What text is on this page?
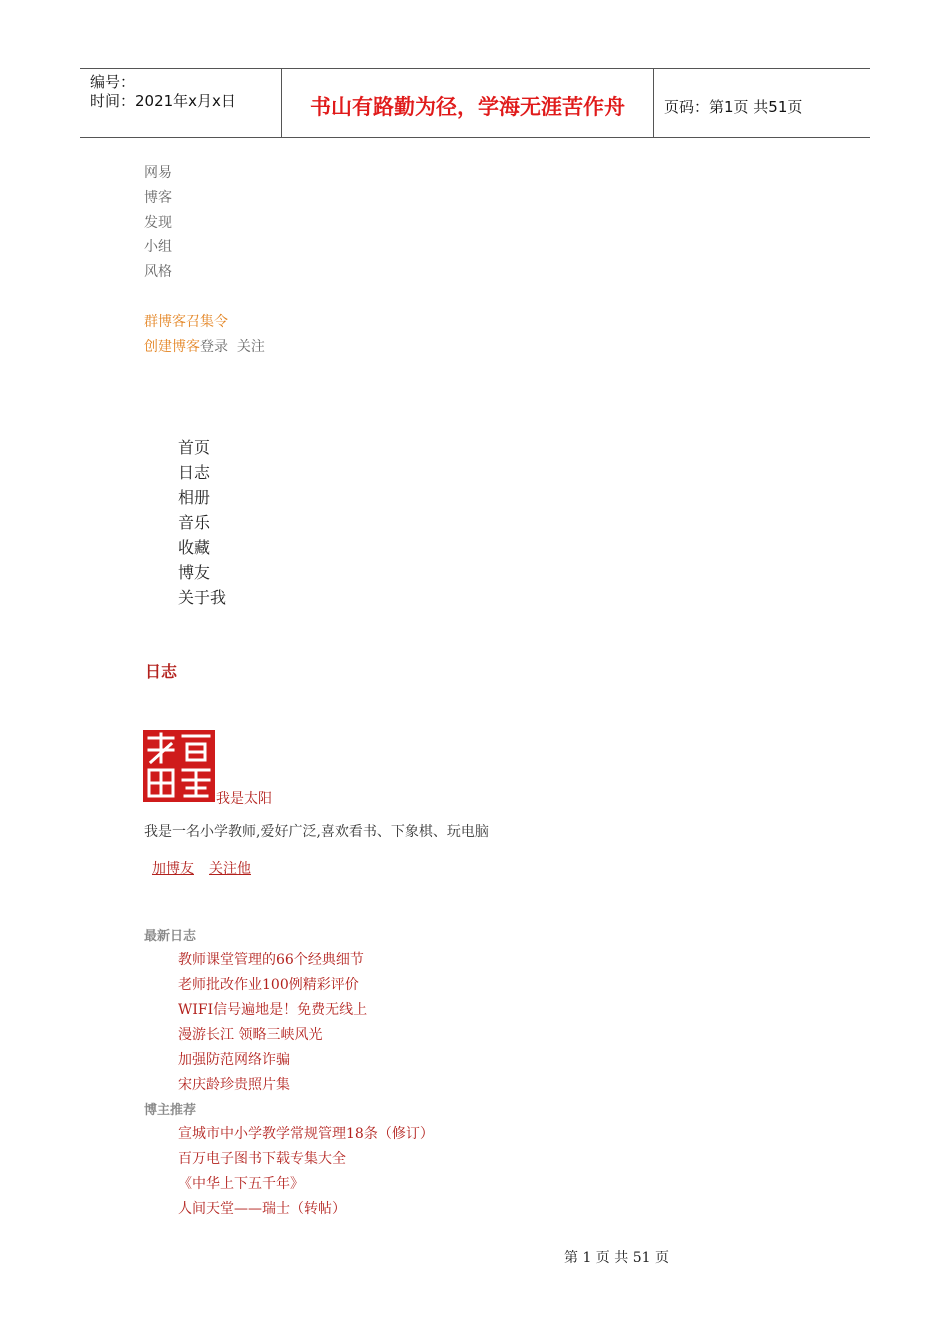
编号：
时间：2021年x月x日	书山有路勤为径，学海无涯苦作舟	页码：第1页 共51页
网易
博客
发现
小组
风格
群博客召集令
创建博客登录 关注
首页
日志
相册
音乐
收藏
博友
关于我
日志
我是太阳
我是一名小学教师,爱好广泛,喜欢看书、下象棋、玩电脑
加博友 关注他
最新日志
教师课堂管理的66个经典细节
老师批改作业100例精彩评价
WIFI信号遍地是！免费无线上
漫游长江 领略三峡风光
加强防范网络诈骗
宋庆龄珍贵照片集
博主推荐
宣城市中小学教学常规管理18条（修订）
百万电子图书下载专集大全
《中华上下五千年》
人间天堂——瑞士（转帖）
第 1 页 共 51 页
